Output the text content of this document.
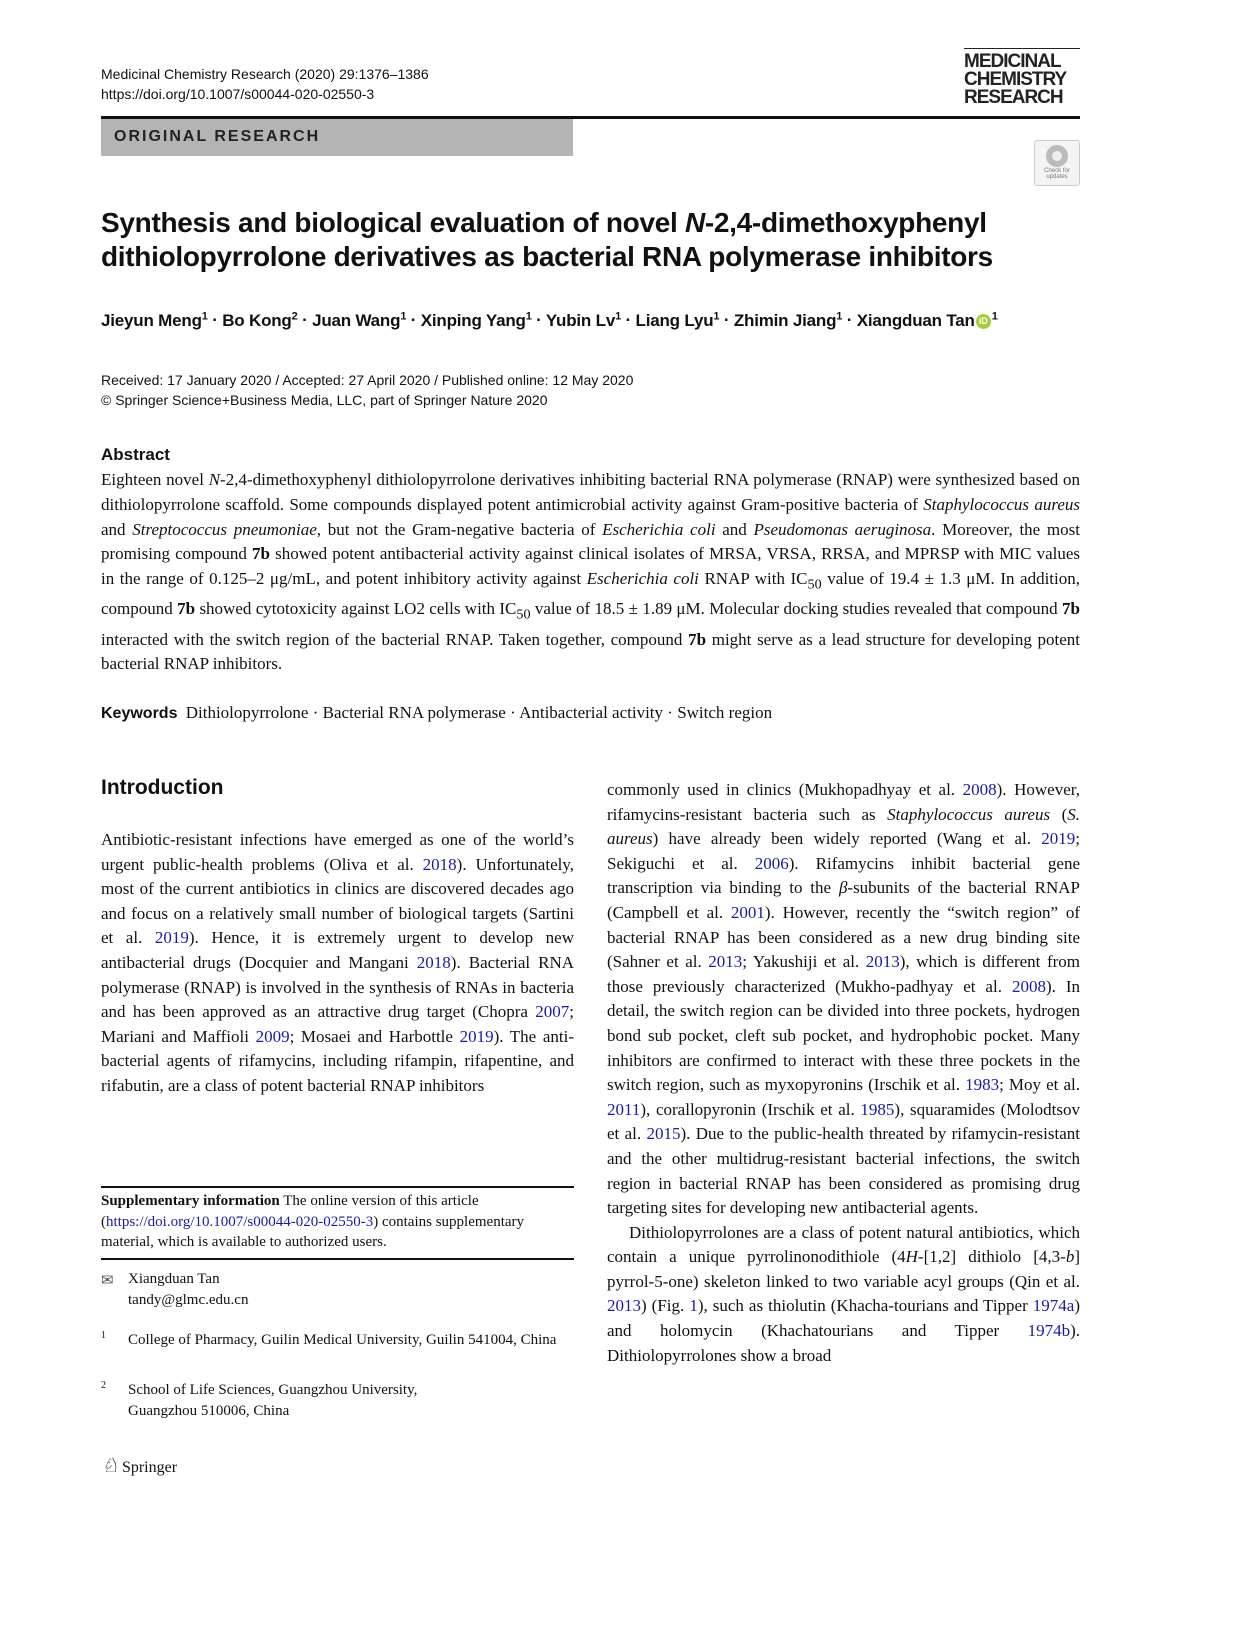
Medicinal Chemistry Research (2020) 29:1376–1386
https://doi.org/10.1007/s00044-020-02550-3
MEDICINAL
CHEMISTRY
RESEARCH
ORIGINAL RESEARCH
Check for updates
Synthesis and biological evaluation of novel N-2,4-dimethoxyphenyl
dithiolopyrrolone derivatives as bacterial RNA polymerase inhibitors
Jieyun Meng$^1$ · Bo Kong$^2$ · Juan Wang$^1$ · Xinping Yang$^1$ · Yubin $Lv^1$ · Liang Lyu$^1$ · Zhimin Jiang$^1$ · Xiangduan Tan iD $^1$
Received: 17 January 2020 / Accepted: 27 April 2020 / Published online: 12 May 2020
© Springer Science+Business Media, LLC, part of Springer Nature 2020
Abstract
Eighteen novel N-2,4-dimethoxyphenyl dithiolopyrrolone derivatives inhibiting bacterial RNA polymerase (RNAP) were synthesized based on dithiolopyrrolone scaffold. Some compounds displayed potent antimicrobial activity against Gram-positive bacteria of Staphylococcus aureus and Streptococcus pneumoniae, but not the Gram-negative bacteria of Escherichia coli and Pseudomonas aeruginosa. Moreover, the most promising compound 7b showed potent antibacterial activity against clinical isolates of MRSA, VRSA, RRSA, and MPRSP with MIC values in the range of 0.125–2 μg/mL, and potent inhibitory activity against Escherichia coli RNAP with $IC_{50}$ value of 19.4 ± 1.3 μM. In addition, compound 7b showed cytotoxicity against LO2 cells with $IC_{50}$ value of 18.5 ± 1.89 μM. Molecular docking studies revealed that compound 7b interacted with the switch region of the bacterial RNAP. Taken together, compound 7b might serve as a lead structure for developing potent bacterial RNAP inhibitors.
Keywords Dithiolopyrrolone · Bacterial RNA polymerase · Antibacterial activity · Switch region
Introduction
Antibiotic-resistant infections have emerged as one of the world’s urgent public-health problems (Oliva et al. 2018). Unfortunately, most of the current antibiotics in clinics are discovered decades ago and focus on a relatively small number of biological targets (Sartini et al. 2019). Hence, it is extremely urgent to develop new antibacterial drugs (Docquier and Mangani 2018). Bacterial RNA polymerase (RNAP) is involved in the synthesis of RNAs in bacteria and has been approved as an attractive drug target (Chopra 2007; Mariani and Maffioli 2009; Mosaei and Harbottle 2019). The anti-bacterial agents of rifamycins, including rifampin, rifapentine, and rifabutin, are a class of potent bacterial RNAP inhibitors
commonly used in clinics (Mukhopadhyay et al. 2008). However, rifamycins-resistant bacteria such as Staphylococcus aureus (S. aureus) have already been widely reported (Wang et al. 2019; Sekiguchi et al. 2006). Rifamycins inhibit bacterial gene transcription via binding to the β-subunits of the bacterial RNAP (Campbell et al. 2001). However, recently the “switch region” of bacterial RNAP has been considered as a new drug binding site (Sahner et al. 2013; Yakushiji et al. 2013), which is different from those previously characterized (Mukho-padhyay et al. 2008). In detail, the switch region can be divided into three pockets, hydrogen bond sub pocket, cleft sub pocket, and hydrophobic pocket. Many inhibitors are confirmed to interact with these three pockets in the switch region, such as myxopyronins (Irschik et al. 1983; Moy et al. 2011), corallopyronin (Irschik et al. 1985), squaramides (Molodtsov et al. 2015). Due to the public-health threated by rifamycin-resistant and the other multidrug-resistant bacterial infections, the switch region in bacterial RNAP has been considered as promising drug targeting sites for developing new antibacterial agents.
Dithiolopyrrolones are a class of potent natural antibiotics, which contain a unique pyrrolinonodithiole (4H-[1,2] dithiolo [4,3-b] pyrrol-5-one) skeleton linked to two variable acyl groups (Qin et al. 2013) (Fig. 1), such as thiolutin (Khacha-tourians and Tipper 1974a) and holomycin (Khachatourians and Tipper 1974b). Dithiolopyrrolones show a broad
Supplementary information The online version of this article (https://doi.org/10.1007/s00044-020-02550-3) contains supplementary material, which is available to authorized users.
✉ Xiangduan Tan
tandy@glmc.edu.cn
1 College of Pharmacy, Guilin Medical University, Guilin 541004, China
2 School of Life Sciences, Guangzhou University, Guangzhou 510006, China
♘ Springer
